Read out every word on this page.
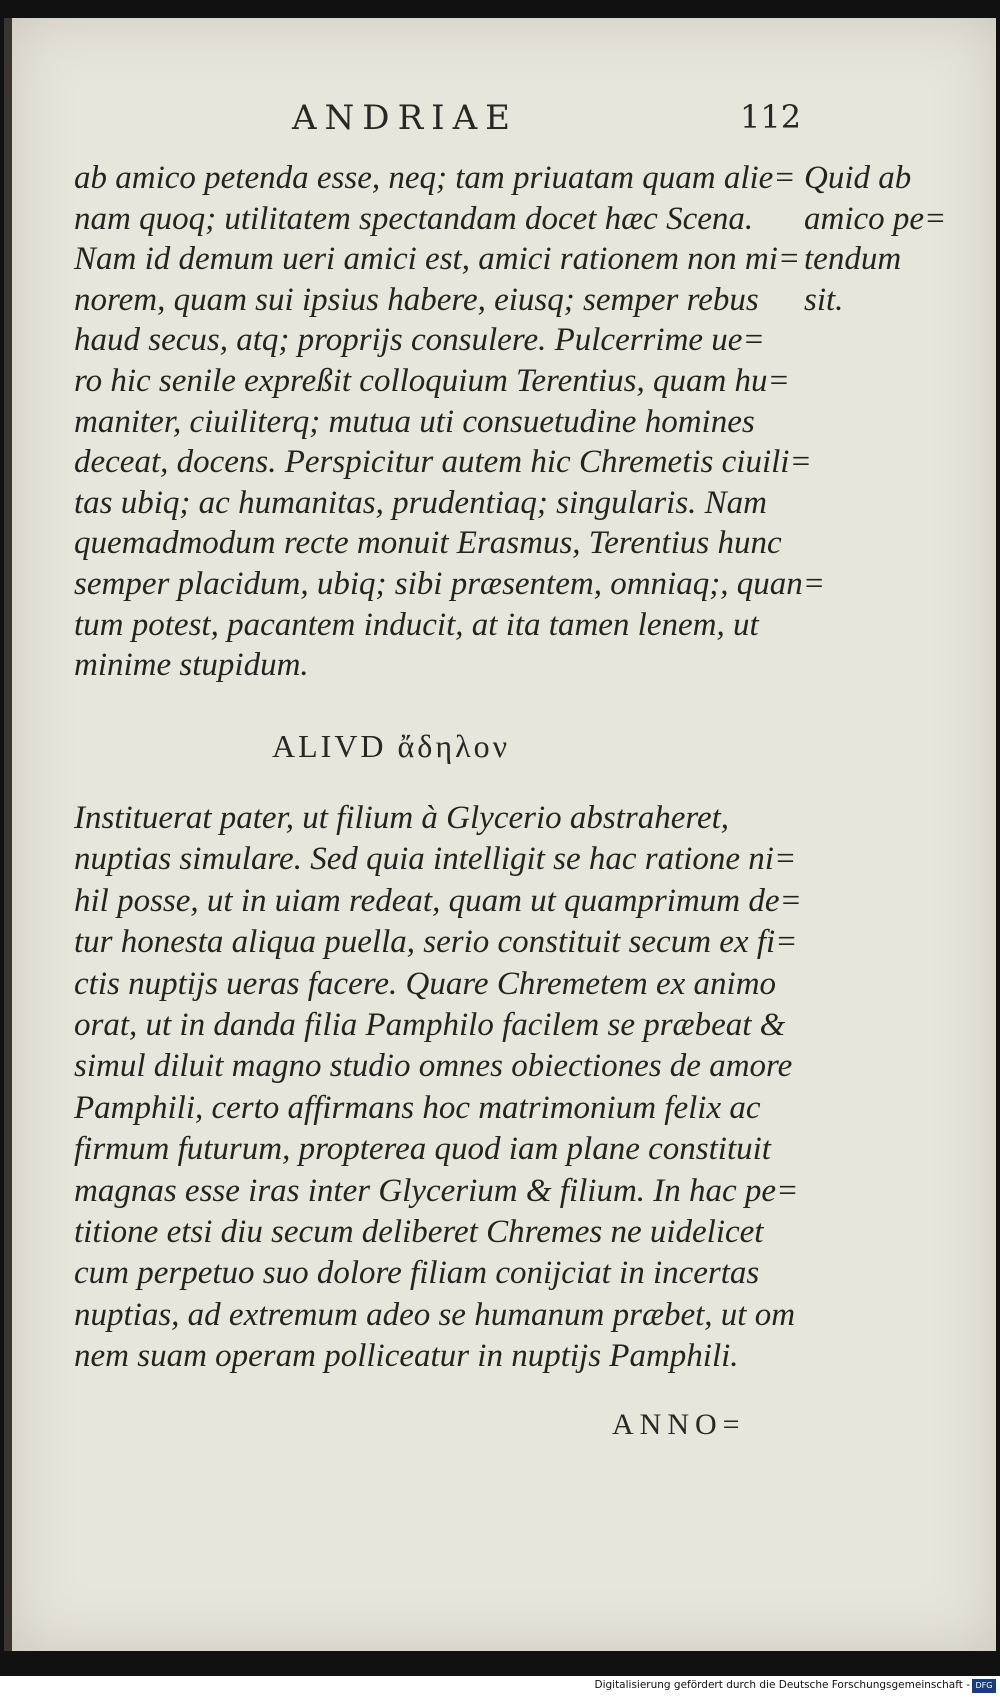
ANDRIAE	112
ab amico petenda esse, neq; tam priuatam quam alie=
nam quoq; utilitatem spectandam docet hæc Scena.
Nam id demum ueri amici est, amici rationem non mi=
norem, quam sui ipsius habere, eiusq; semper rebus
haud secus, atq; proprijs consulere. Pulcerrime ue=
ro hic senile expreßit colloquium Terentius, quam hu=
maniter, ciuiliterq; mutua uti consuetudine homines
deceat, docens. Perspicitur autem hic Chremetis ciuili=
tas ubiq; ac humanitas, prudentiaq; singularis. Nam
quemadmodum recte monuit Erasmus, Terentius hunc
semper placidum, ubiq; sibi præsentem, omniaq;, quan=
tum potest, pacantem inducit, at ita tamen lenem, ut
minime stupidum.
Quid ab
amico pe=
tendum
sit.
ALIVD ἄδηλον
Instituerat pater, ut filium à Glycerio abstraheret,
nuptias simulare. Sed quia intelligit se hac ratione ni=
hil posse, ut in uiam redeat, quam ut quamprimum de=
tur honesta aliqua puella, serio constituit secum ex fi=
ctis nuptijs ueras facere. Quare Chremetem ex animo
orat, ut in danda filia Pamphilo facilem se præbeat &
simul diluit magno studio omnes obiectiones de amore
Pamphili, certo affirmans hoc matrimonium felix ac
firmum futurum, propterea quod iam plane constituit
magnas esse iras inter Glycerium & filium. In hac pe=
titione etsi diu secum deliberet Chremes ne uidelicet
cum perpetuo suo dolore filiam conijciat in incertas
nuptias, ad extremum adeo se humanum præbet, ut om
nem suam operam polliceatur in nuptijs Pamphili.
ANNO=
Digitalisierung gefördert durch die Deutsche Forschungsgemeinschaft - DFG
